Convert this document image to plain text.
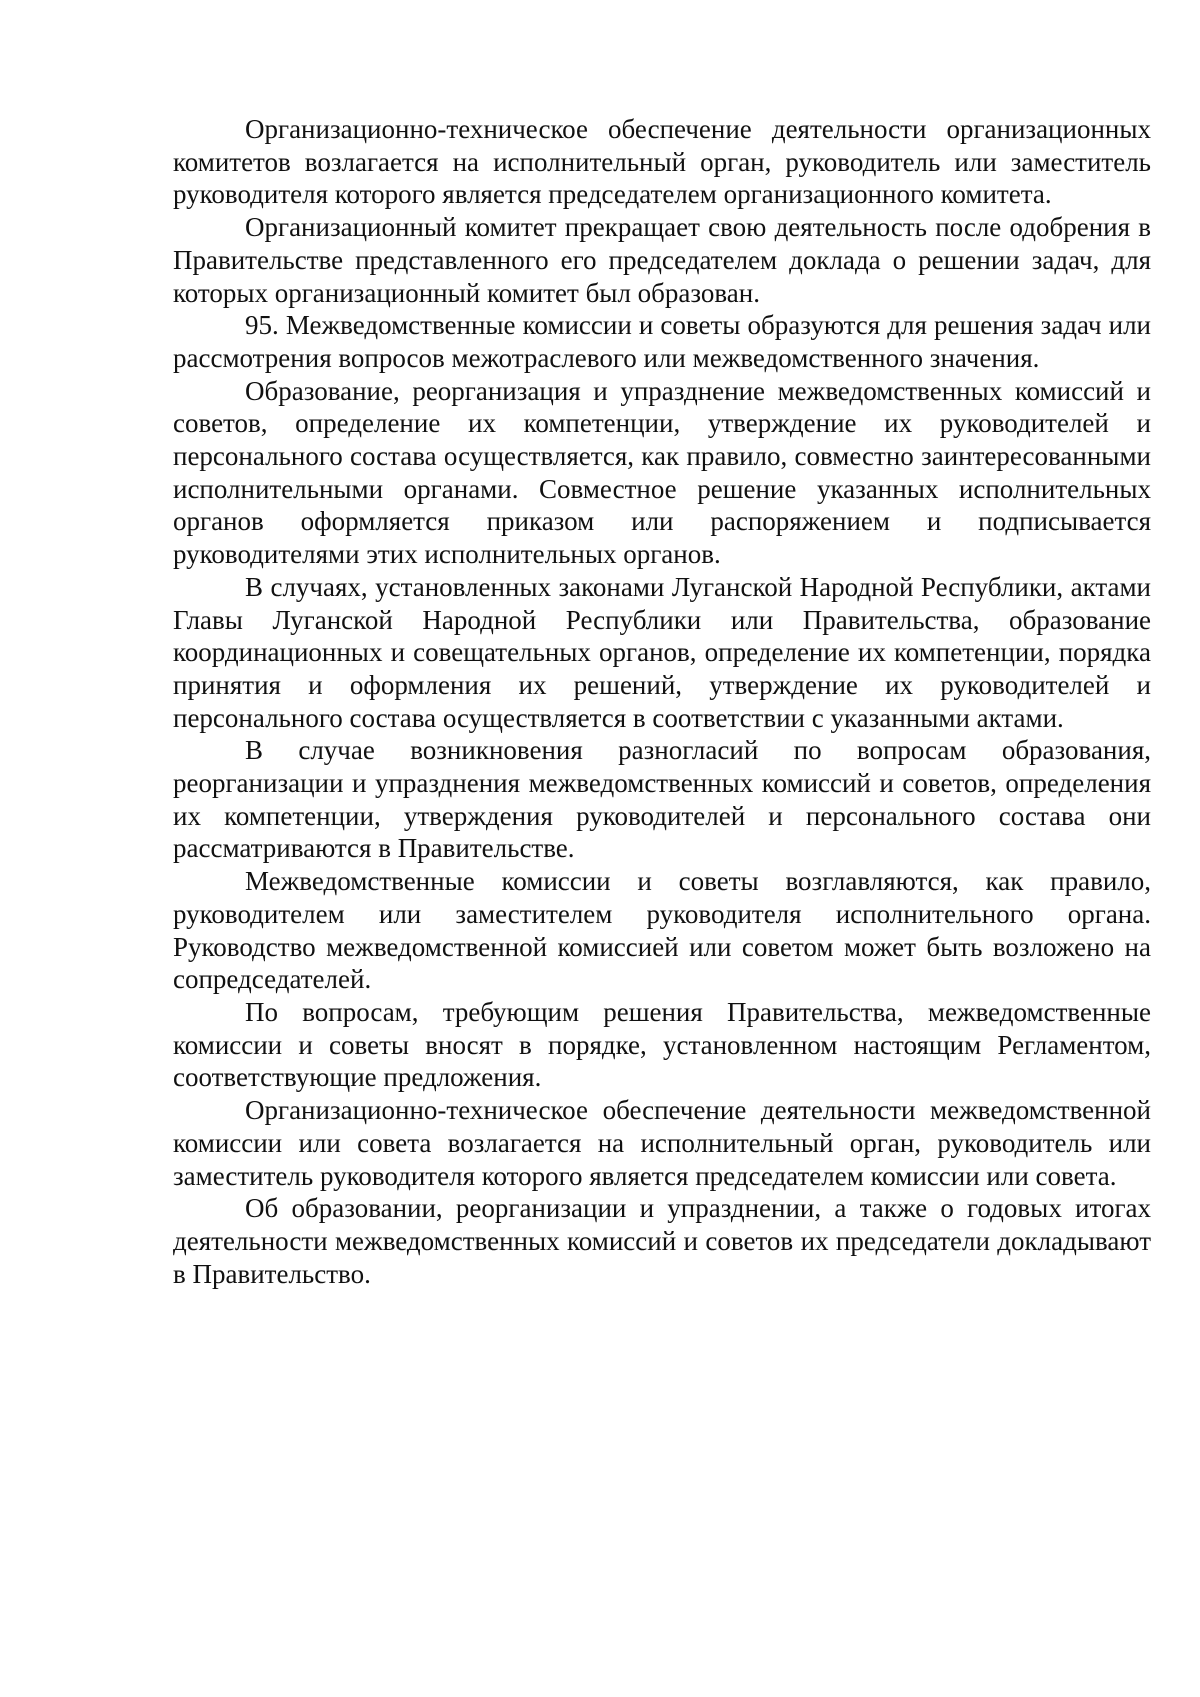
Организационно-техническое обеспечение деятельности организационных комитетов возлагается на исполнительный орган, руководитель или заместитель руководителя которого является председателем организационного комитета.

Организационный комитет прекращает свою деятельность после одобрения в Правительстве представленного его председателем доклада о решении задач, для которых организационный комитет был образован.

95. Межведомственные комиссии и советы образуются для решения задач или рассмотрения вопросов межотраслевого или межведомственного значения.

Образование, реорганизация и упразднение межведомственных комиссий и советов, определение их компетенции, утверждение их руководителей и персонального состава осуществляется, как правило, совместно заинтересованными исполнительными органами. Совместное решение указанных исполнительных органов оформляется приказом или распоряжением и подписывается руководителями этих исполнительных органов.

В случаях, установленных законами Луганской Народной Республики, актами Главы Луганской Народной Республики или Правительства, образование координационных и совещательных органов, определение их компетенции, порядка принятия и оформления их решений, утверждение их руководителей и персонального состава осуществляется в соответствии с указанными актами.

В случае возникновения разногласий по вопросам образования, реорганизации и упразднения межведомственных комиссий и советов, определения их компетенции, утверждения руководителей и персонального состава они рассматриваются в Правительстве.

Межведомственные комиссии и советы возглавляются, как правило, руководителем или заместителем руководителя исполнительного органа. Руководство межведомственной комиссией или советом может быть возложено на сопредседателей.

По вопросам, требующим решения Правительства, межведомственные комиссии и советы вносят в порядке, установленном настоящим Регламентом, соответствующие предложения.

Организационно-техническое обеспечение деятельности межведомственной комиссии или совета возлагается на исполнительный орган, руководитель или заместитель руководителя которого является председателем комиссии или совета.

Об образовании, реорганизации и упразднении, а также о годовых итогах деятельности межведомственных комиссий и советов их председатели докладывают в Правительство.
